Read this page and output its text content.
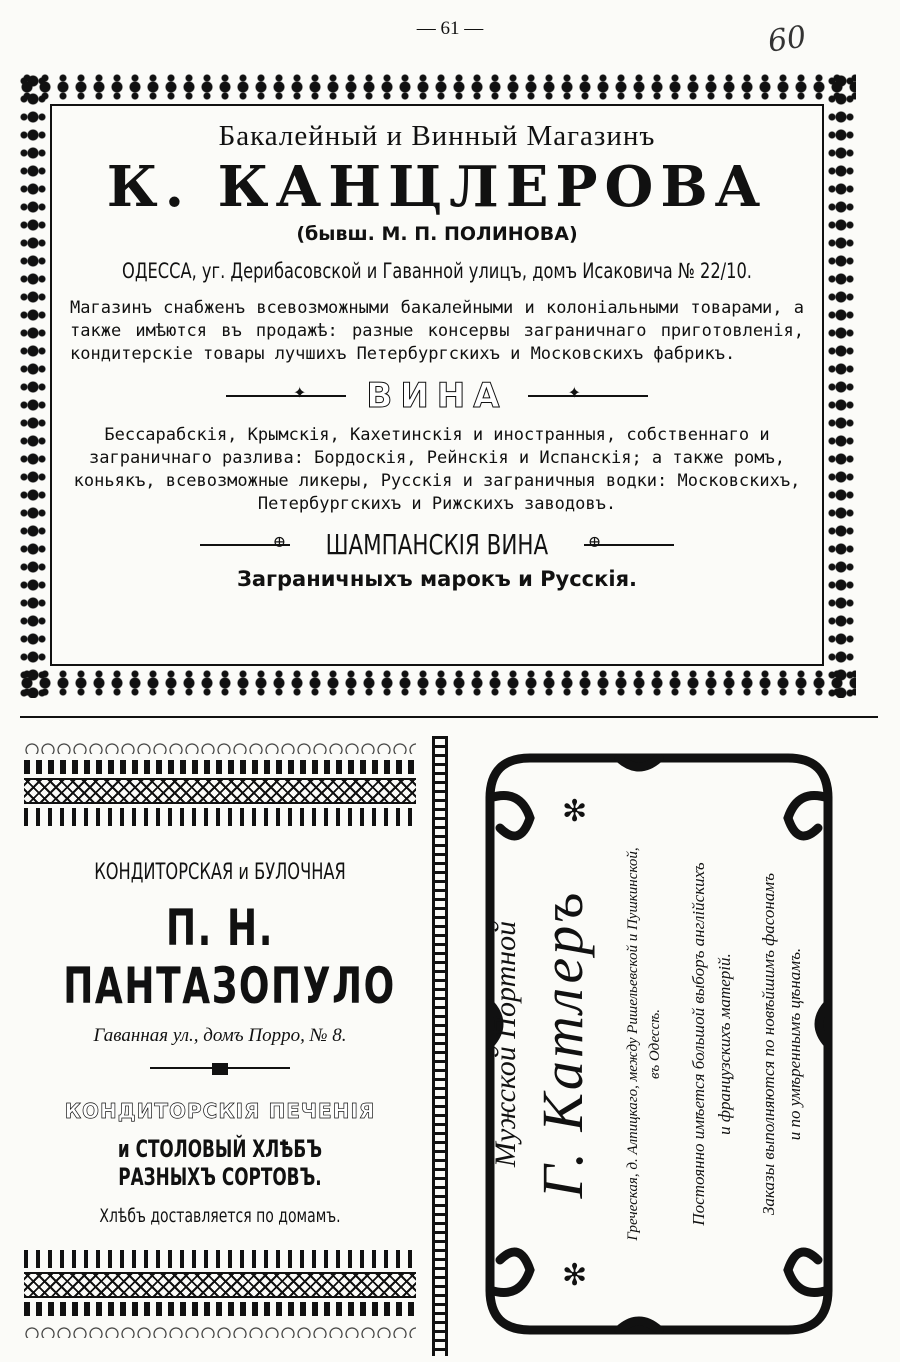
— 61 —	60
Бакалейный и Винный Магазинъ
К. КАНЦЛЕРОВА
(бывш. М. П. ПОЛИНОВА)
ОДЕССА, уг. Дерибасовской и Гаванной улицъ, домъ Исаковича № 22/10.
Магазинъ снабженъ всевозможными бакалейными и колоніальными товарами, а также имѣются въ продажѣ: разные консервы заграничнаго приготовленія, кондитерскіе товары лучшихъ Петербургскихъ и Московскихъ фабрикъ.
✦ ВИНА	✦
Бессарабскія, Крымскія, Кахетинскія и иностранныя, собственнаго и заграничнаго разлива: Бордоскія, Рейнскія и Испанскія; а также ромъ, коньякъ, всевозможные ликеры, Русскія и заграничныя водки: Московскихъ, Петербургскихъ и Рижскихъ заводовъ.
⊕ ШАМПАНСКІЯ ВИНА ⊕
Заграничныхъ марокъ и Русскія.
КОНДИТОРСКАЯ и БУЛОЧНАЯ
П. Н. ПАНТАЗОПУЛО
Гаванная ул., домъ Порро, № 8.
КОНДИТОРСКІЯ ПЕЧЕНІЯ
и СТОЛОВЫЙ ХЛѢБЪ РАЗНЫХЪ СОРТОВЪ.
Хлѣбъ доставляется по домамъ.
✻
✻
Мужской Портной Г. Катлеръ Греческая, д. Алпицкаго, между Ришельевской и Пушкинской, въ Одессѣ. Постоянно имѣется большой выборъ англійскихъ и французскихъ матерій. Заказы выполняются по новѣйшимъ фасонамъ и по умѣреннымъ цѣнамъ.
